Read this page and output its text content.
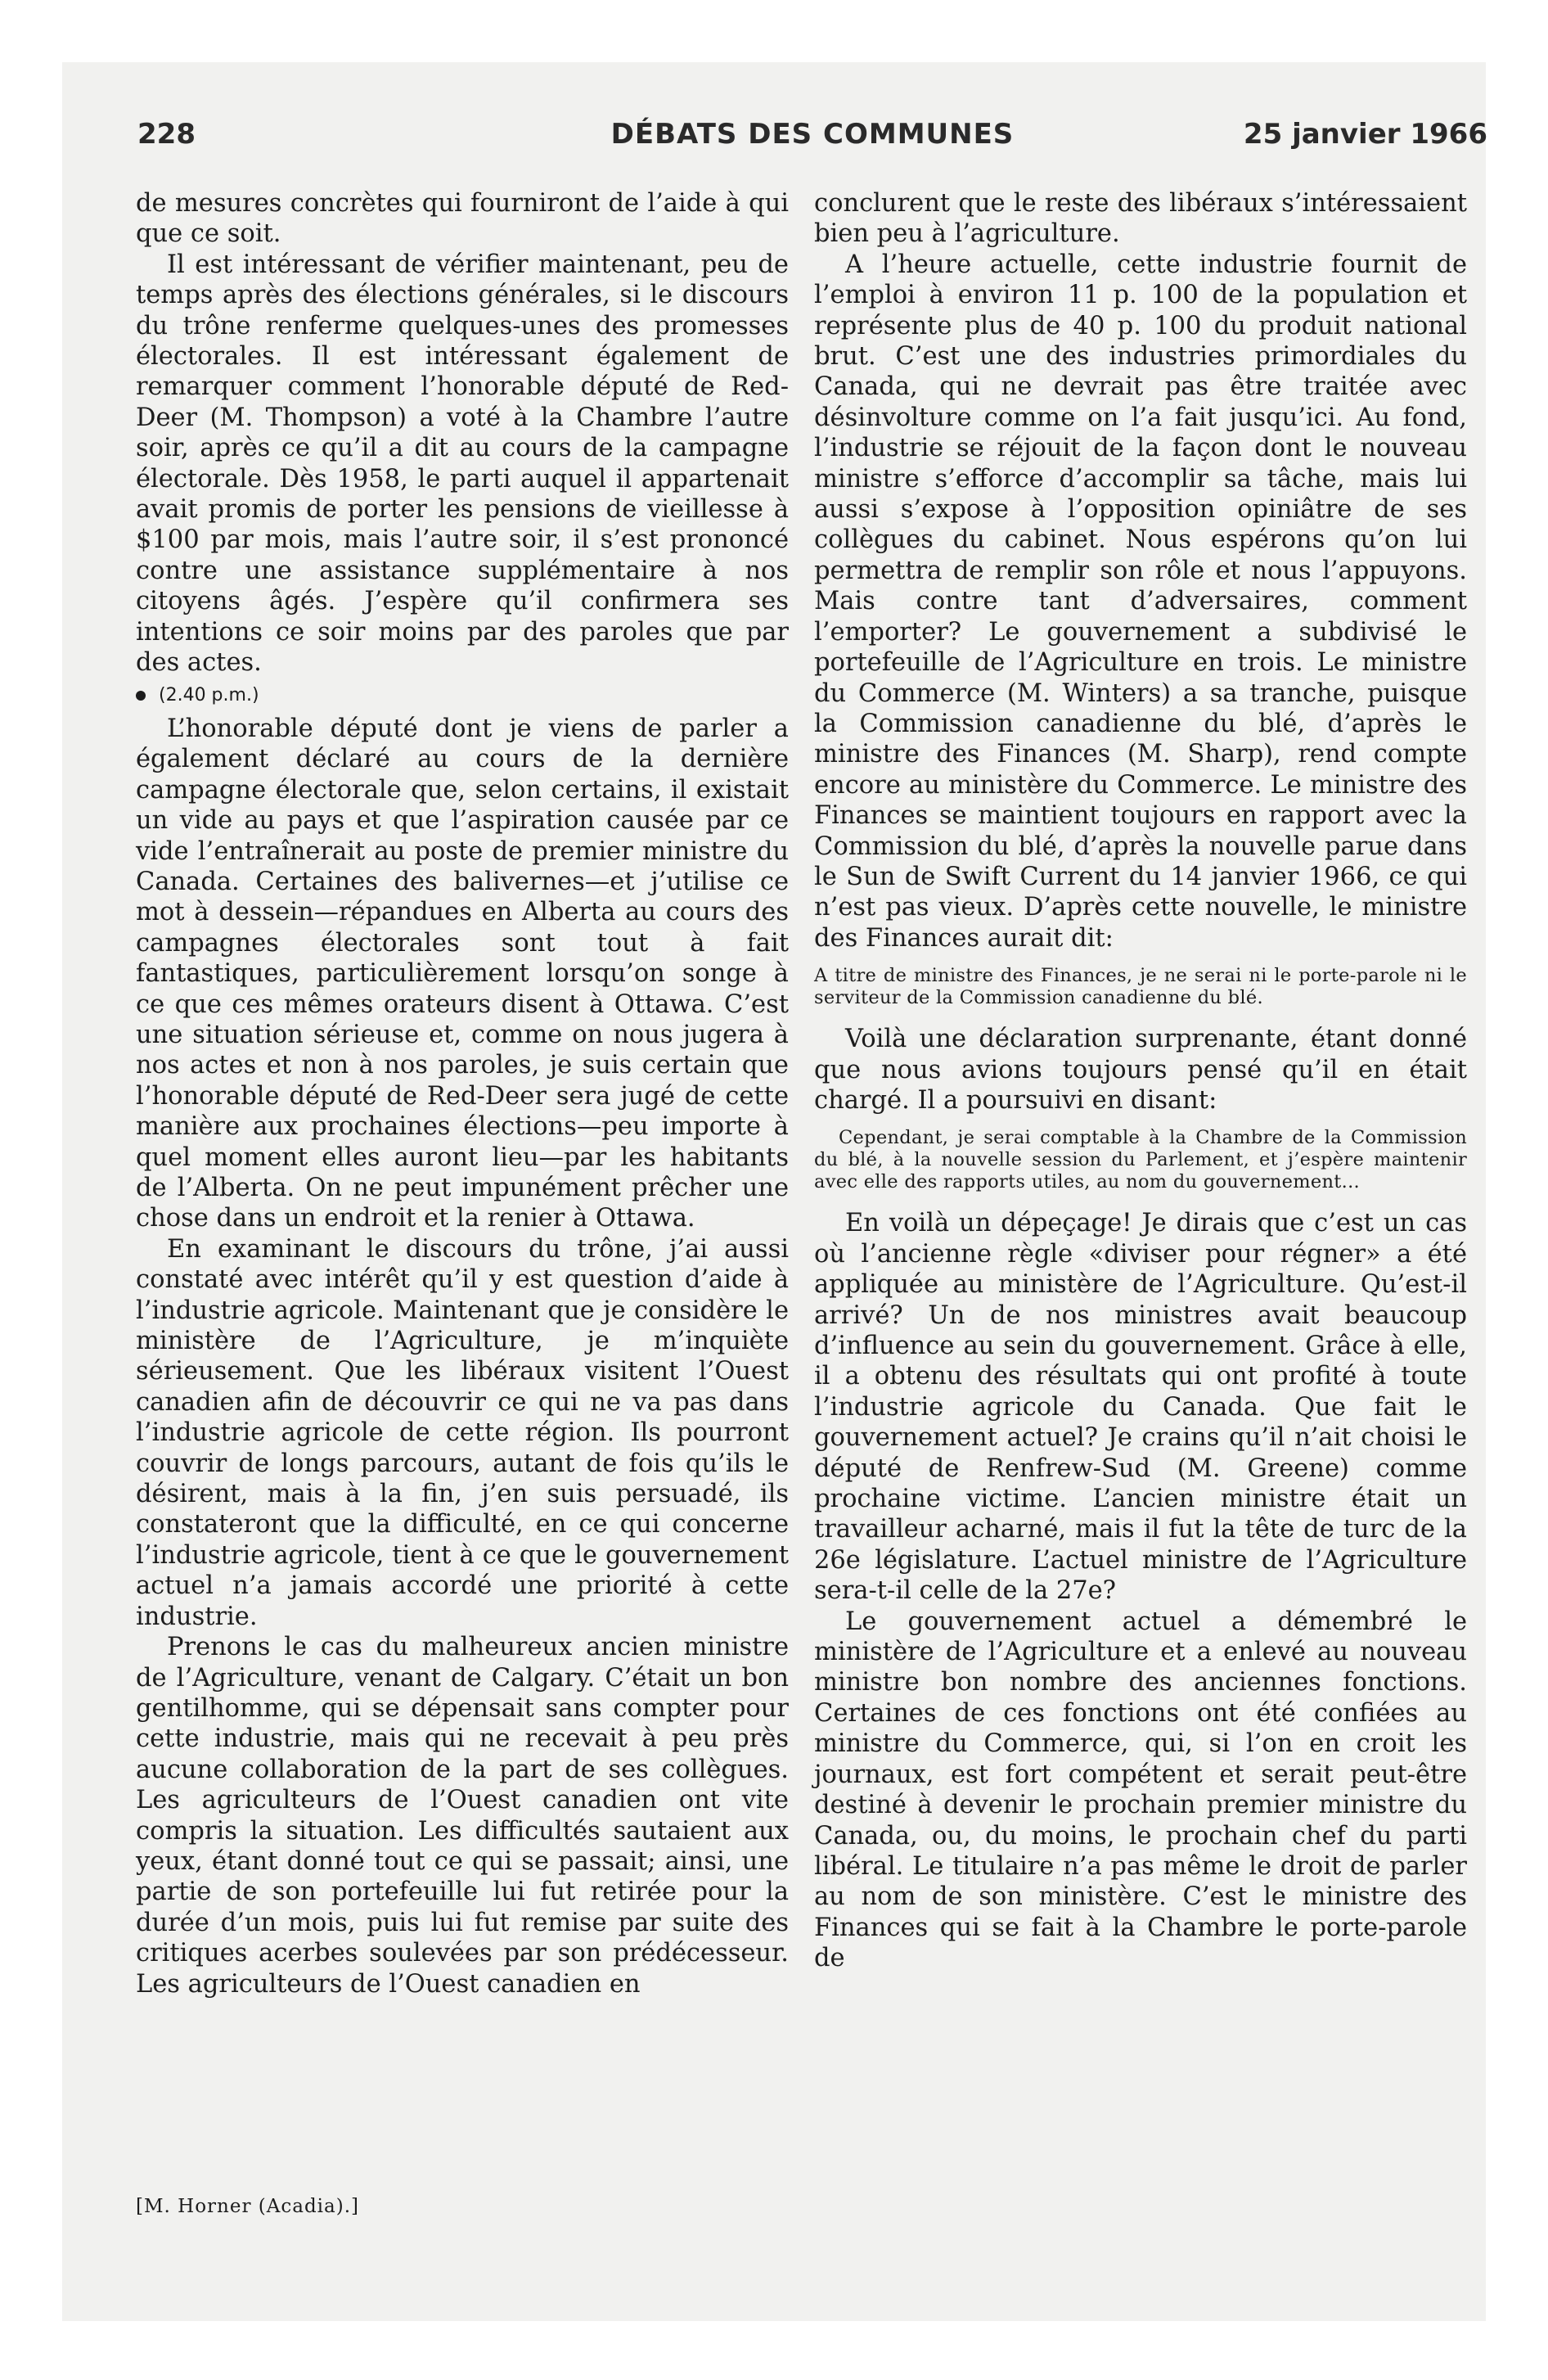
228	DÉBATS DES COMMUNES	25 janvier 1966

de mesures concrètes qui fourniront de l’aide à qui que ce soit.

Il est intéressant de vérifier maintenant, peu de temps après des élections générales, si le discours du trône renferme quelques-unes des promesses électorales. Il est intéressant également de remarquer comment l’honorable député de Red-Deer (M. Thompson) a voté à la Chambre l’autre soir, après ce qu’il a dit au cours de la campagne électorale. Dès 1958, le parti auquel il appartenait avait promis de porter les pensions de vieillesse à $100 par mois, mais l’autre soir, il s’est prononcé contre une assistance supplémentaire à nos citoyens âgés. J’espère qu’il confirmera ses intentions ce soir moins par des paroles que par des actes.

(2.40 p.m.)

L’honorable député dont je viens de parler a également déclaré au cours de la dernière campagne électorale que, selon certains, il existait un vide au pays et que l’aspiration causée par ce vide l’entraînerait au poste de premier ministre du Canada. Certaines des balivernes—et j’utilise ce mot à dessein—répandues en Alberta au cours des campagnes électorales sont tout à fait fantastiques, particulièrement lorsqu’on songe à ce que ces mêmes orateurs disent à Ottawa. C’est une situation sérieuse et, comme on nous jugera à nos actes et non à nos paroles, je suis certain que l’honorable député de Red-Deer sera jugé de cette manière aux prochaines élections—peu importe à quel moment elles auront lieu—par les habitants de l’Alberta. On ne peut impunément prêcher une chose dans un endroit et la renier à Ottawa.

En examinant le discours du trône, j’ai aussi constaté avec intérêt qu’il y est question d’aide à l’industrie agricole. Maintenant que je considère le ministère de l’Agriculture, je m’inquiète sérieusement. Que les libéraux visitent l’Ouest canadien afin de découvrir ce qui ne va pas dans l’industrie agricole de cette région. Ils pourront couvrir de longs parcours, autant de fois qu’ils le désirent, mais à la fin, j’en suis persuadé, ils constateront que la difficulté, en ce qui concerne l’industrie agricole, tient à ce que le gouvernement actuel n’a jamais accordé une priorité à cette industrie.

Prenons le cas du malheureux ancien ministre de l’Agriculture, venant de Calgary. C’était un bon gentilhomme, qui se dépensait sans compter pour cette industrie, mais qui ne recevait à peu près aucune collaboration de la part de ses collègues. Les agriculteurs de l’Ouest canadien ont vite compris la situation. Les difficultés sautaient aux yeux, étant donné tout ce qui se passait; ainsi, une partie de son portefeuille lui fut retirée pour la durée d’un mois, puis lui fut remise par suite des critiques acerbes soulevées par son prédécesseur. Les agriculteurs de l’Ouest canadien en

[M. Horner (Acadia).]

conclurent que le reste des libéraux s’intéressaient bien peu à l’agriculture.

A l’heure actuelle, cette industrie fournit de l’emploi à environ 11 p. 100 de la population et représente plus de 40 p. 100 du produit national brut. C’est une des industries primordiales du Canada, qui ne devrait pas être traitée avec désinvolture comme on l’a fait jusqu’ici. Au fond, l’industrie se réjouit de la façon dont le nouveau ministre s’efforce d’accomplir sa tâche, mais lui aussi s’expose à l’opposition opiniâtre de ses collègues du cabinet. Nous espérons qu’on lui permettra de remplir son rôle et nous l’appuyons. Mais contre tant d’adversaires, comment l’emporter? Le gouvernement a subdivisé le portefeuille de l’Agriculture en trois. Le ministre du Commerce (M. Winters) a sa tranche, puisque la Commission canadienne du blé, d’après le ministre des Finances (M. Sharp), rend compte encore au ministère du Commerce. Le ministre des Finances se maintient toujours en rapport avec la Commission du blé, d’après la nouvelle parue dans le Sun de Swift Current du 14 janvier 1966, ce qui n’est pas vieux. D’après cette nouvelle, le ministre des Finances aurait dit:

A titre de ministre des Finances, je ne serai ni le porte-parole ni le serviteur de la Commission canadienne du blé.

Voilà une déclaration surprenante, étant donné que nous avions toujours pensé qu’il en était chargé. Il a poursuivi en disant:

Cependant, je serai comptable à la Chambre de la Commission du blé, à la nouvelle session du Parlement, et j’espère maintenir avec elle des rapports utiles, au nom du gouvernement...

En voilà un dépeçage! Je dirais que c’est un cas où l’ancienne règle «diviser pour régner» a été appliquée au ministère de l’Agriculture. Qu’est-il arrivé? Un de nos ministres avait beaucoup d’influence au sein du gouvernement. Grâce à elle, il a obtenu des résultats qui ont profité à toute l’industrie agricole du Canada. Que fait le gouvernement actuel? Je crains qu’il n’ait choisi le député de Renfrew-Sud (M. Greene) comme prochaine victime. L’ancien ministre était un travailleur acharné, mais il fut la tête de turc de la 26e législature. L’actuel ministre de l’Agriculture sera-t-il celle de la 27e?

Le gouvernement actuel a démembré le ministère de l’Agriculture et a enlevé au nouveau ministre bon nombre des anciennes fonctions. Certaines de ces fonctions ont été confiées au ministre du Commerce, qui, si l’on en croit les journaux, est fort compétent et serait peut-être destiné à devenir le prochain premier ministre du Canada, ou, du moins, le prochain chef du parti libéral. Le titulaire n’a pas même le droit de parler au nom de son ministère. C’est le ministre des Finances qui se fait à la Chambre le porte-parole de
